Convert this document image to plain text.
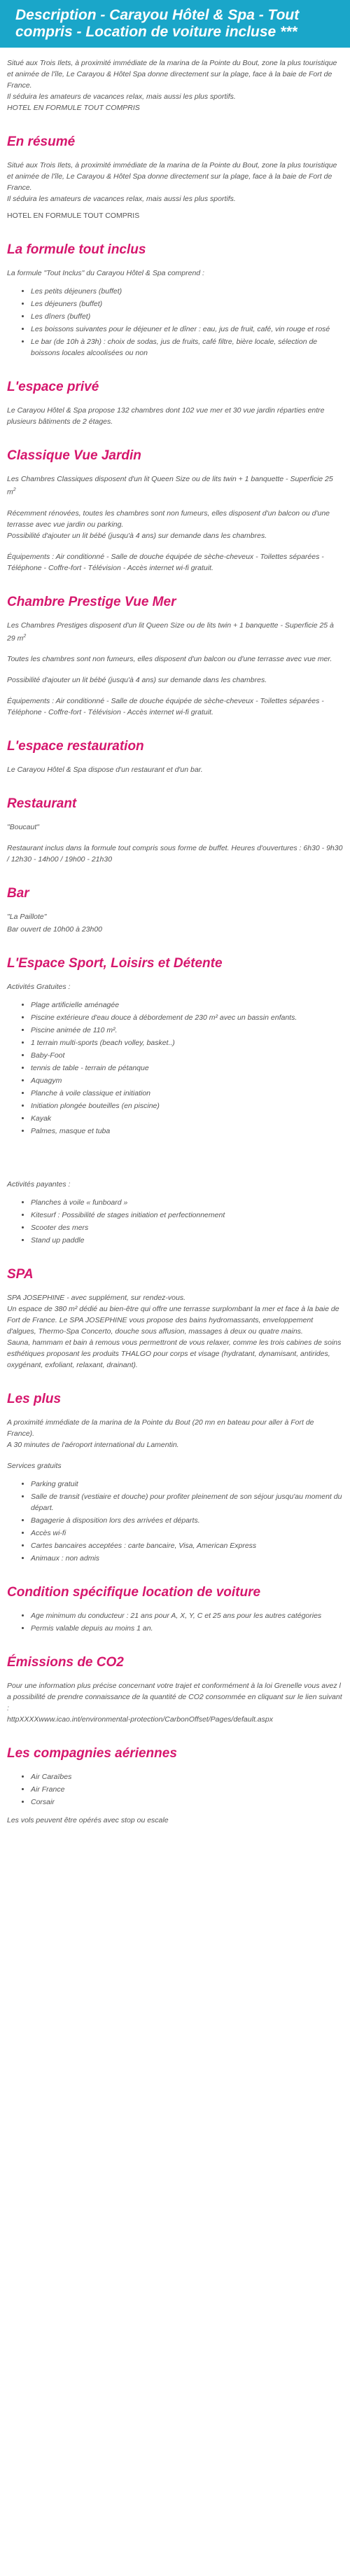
Description - Carayou Hôtel & Spa - Tout compris - Location de voiture incluse ***

Situé aux Trois Ilets, à proximité immédiate de la marina de la Pointe du Bout, zone la plus touristique et animée de l'île, Le Carayou & Hôtel Spa donne directement sur la plage, face à la baie de Fort de France.
Il séduira les amateurs de vacances relax, mais aussi les plus sportifs.

HOTEL EN FORMULE TOUT COMPRIS

En résumé

Situé aux Trois Ilets, à proximité immédiate de la marina de la Pointe du Bout, zone la plus touristique et animée de l'île, Le Carayou & Hôtel Spa donne directement sur la plage, face à la baie de Fort de France.
Il séduira les amateurs de vacances relax, mais aussi les plus sportifs.

HOTEL EN FORMULE TOUT COMPRIS

La formule tout inclus

La formule "Tout Inclus" du Carayou Hôtel & Spa comprend :

• Les petits déjeuners (buffet)
• Les déjeuners (buffet)
• Les dîners (buffet)
• Les boissons suivantes pour le déjeuner et le dîner : eau, jus de fruit, café, vin rouge et rosé
• Le bar (de 10h à 23h) : choix de sodas, jus de fruits, café filtre, bière locale, sélection de boissons locales alcoolisées ou non
L'espace privé

Le Carayou Hôtel & Spa propose 132 chambres dont 102 vue mer et 30 vue jardin réparties entre plusieurs bâtiments de 2 étages.

Classique Vue Jardin

Les Chambres Classiques disposent d'un lit Queen Size ou de lits twin + 1 banquette - Superficie 25 $m^2$

Récemment rénovées, toutes les chambres sont non fumeurs, elles disposent d'un balcon ou d'une terrasse avec vue jardin ou parking.
Possibilité d'ajouter un lit bébé (jusqu'à 4 ans) sur demande dans les chambres.

Équipements : Air conditionné - Salle de douche équipée de sèche-cheveux - Toilettes séparées - Téléphone - Coffre-fort - Télévision - Accès internet wi-fi gratuit.

Chambre Prestige Vue Mer

Les Chambres Prestiges disposent d'un lit Queen Size ou de lits twin + 1 banquette - Superficie 25 à 29 $m^2$

Toutes les chambres sont non fumeurs, elles disposent d'un balcon ou d'une terrasse avec vue mer.

Possibilité d'ajouter un lit bébé (jusqu'à 4 ans) sur demande dans les chambres.

Équipements : Air conditionné - Salle de douche équipée de sèche-cheveux - Toilettes séparées - Téléphone - Coffre-fort - Télévision - Accès internet wi-fi gratuit.

L'espace restauration

Le Carayou Hôtel & Spa dispose d'un restaurant et d'un bar.

Restaurant

"Boucaut"

Restaurant inclus dans la formule tout compris sous forme de buffet. Heures d'ouvertures : 6h30 - 9h30 / 12h30 - 14h00 / 19h00 - 21h30

Bar

"La Paillote"

Bar ouvert de 10h00 à 23h00

L'Espace Sport, Loisirs et Détente

Activités Gratuites :

• Plage artificielle aménagée
• Piscine extérieure d'eau douce à débordement de 230 m² avec un bassin enfants.
• Piscine animée de 110 m².
• 1 terrain multi-sports (beach volley, basket..)
• Baby-Foot
• tennis de table - terrain de pétanque
• Aquagym
• Planche à voile classique et initiation
• Initiation plongée bouteilles (en piscine)
• Kayak
• Palmes, masque et tuba

Activités payantes :

• Planches à voile « funboard »
• Kitesurf : Possibilité de stages initiation et perfectionnement
• Scooter des mers
• Stand up paddle
SPA

SPA JOSEPHINE - avec supplément, sur rendez-vous.
Un espace de 380 m² dédié au bien-être qui offre une terrasse surplombant la mer et face à la baie de Fort de France. Le SPA JOSEPHINE vous propose des bains hydromassants, enveloppement d'algues, Thermo-Spa Concerto, douche sous affusion, massages à deux ou quatre mains.
Sauna, hammam et bain à remous vous permettront de vous relaxer, comme les trois cabines de soins esthétiques proposant les produits THALGO pour corps et visage (hydratant, dynamisant, antirides, oxygénant, exfoliant, relaxant, drainant).

Les plus

A proximité immédiate de la marina de la Pointe du Bout (20 mn en bateau pour aller à Fort de France).
A 30 minutes de l'aéroport international du Lamentin.

Services gratuits

• Parking gratuit
• Salle de transit (vestiaire et douche) pour profiter pleinement de son séjour jusqu'au moment du départ.
• Bagagerie à disposition lors des arrivées et départs.
• Accès wi-fi
• Cartes bancaires acceptées : carte bancaire, Visa, American Express
• Animaux : non admis
Condition spécifique location de voiture
• Age minimum du conducteur : 21 ans pour A, X, Y, C et 25 ans pour les autres catégories
• Permis valable depuis au moins 1 an.
Émissions de CO2

Pour une information plus précise concernant votre trajet et conformément à la loi Grenelle vous avez la possibilité de prendre connaissance de la quantité de CO2 consommée en cliquant sur le lien suivant :
httpXXXXwww.icao.int/environmental-protection/CarbonOffset/Pages/default.aspx

Les compagnies aériennes
• Air Caraïbes
• Air France
• Corsair

Les vols peuvent être opérés avec stop ou escale
